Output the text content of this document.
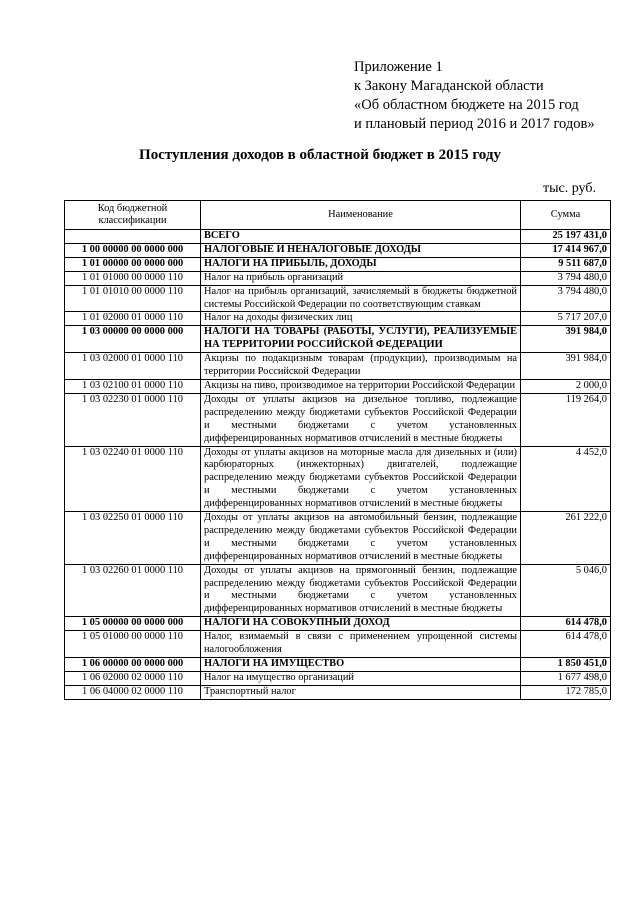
Приложение 1
к Закону Магаданской области
«Об областном бюджете на 2015 год
и плановый период 2016 и 2017 годов»
Поступления доходов в областной бюджет в 2015 году
тыс. руб.
Код бюджетной классификации	Наименование	Сумма
	ВСЕГО	25 197 431,0
1 00 00000 00 0000 000	НАЛОГОВЫЕ И НЕНАЛОГОВЫЕ ДОХОДЫ	17 414 967,0
1 01 00000 00 0000 000	НАЛОГИ НА ПРИБЫЛЬ, ДОХОДЫ	9 511 687,0
1 01 01000 00 0000 110	Налог на прибыль организаций	3 794 480,0
1 01 01010 00 0000 110	Налог на прибыль организаций, зачисляемый в бюджеты бюджетной системы Российской Федерации по соответствующим ставкам	3 794 480,0
1 01 02000 01 0000 110	Налог на доходы физических лиц	5 717 207,0
1 03 00000 00 0000 000	НАЛОГИ НА ТОВАРЫ (РАБОТЫ, УСЛУГИ), РЕАЛИЗУЕМЫЕ НА ТЕРРИТОРИИ РОССИЙСКОЙ ФЕДЕРАЦИИ	391 984,0
1 03 02000 01 0000 110	Акцизы по подакцизным товарам (продукции), производимым на территории Российской Федерации	391 984,0
1 03 02100 01 0000 110	Акцизы на пиво, производимое на территории Российской Федерации	2 000,0
1 03 02230 01 0000 110	Доходы от уплаты акцизов на дизельное топливо, подлежащие распределению между бюджетами субъектов Российской Федерации и местными бюджетами с учетом установленных дифференцированных нормативов отчислений в местные бюджеты	119 264,0
1 03 02240 01 0000 110	Доходы от уплаты акцизов на моторные масла для дизельных и (или) карбюраторных (инжекторных) двигателей, подлежащие распределению между бюджетами субъектов Российской Федерации и местными бюджетами с учетом установленных дифференцированных нормативов отчислений в местные бюджеты	4 452,0
1 03 02250 01 0000 110	Доходы от уплаты акцизов на автомобильный бензин, подлежащие распределению между бюджетами субъектов Российской Федерации и местными бюджетами с учетом установленных дифференцированных нормативов отчислений в местные бюджеты	261 222,0
1 03 02260 01 0000 110	Доходы от уплаты акцизов на прямогонный бензин, подлежащие распределению между бюджетами субъектов Российской Федерации и местными бюджетами с учетом установленных дифференцированных нормативов отчислений в местные бюджеты	5 046,0
1 05 00000 00 0000 000	НАЛОГИ НА СОВОКУПНЫЙ ДОХОД	614 478,0
1 05 01000 00 0000 110	Налог, взимаемый в связи с применением упрощенной системы налогообложения	614 478,0
1 06 00000 00 0000 000	НАЛОГИ НА ИМУЩЕСТВО	1 850 451,0
1 06 02000 02 0000 110	Налог на имущество организаций	1 677 498,0
1 06 04000 02 0000 110	Транспортный налог	172 785,0
